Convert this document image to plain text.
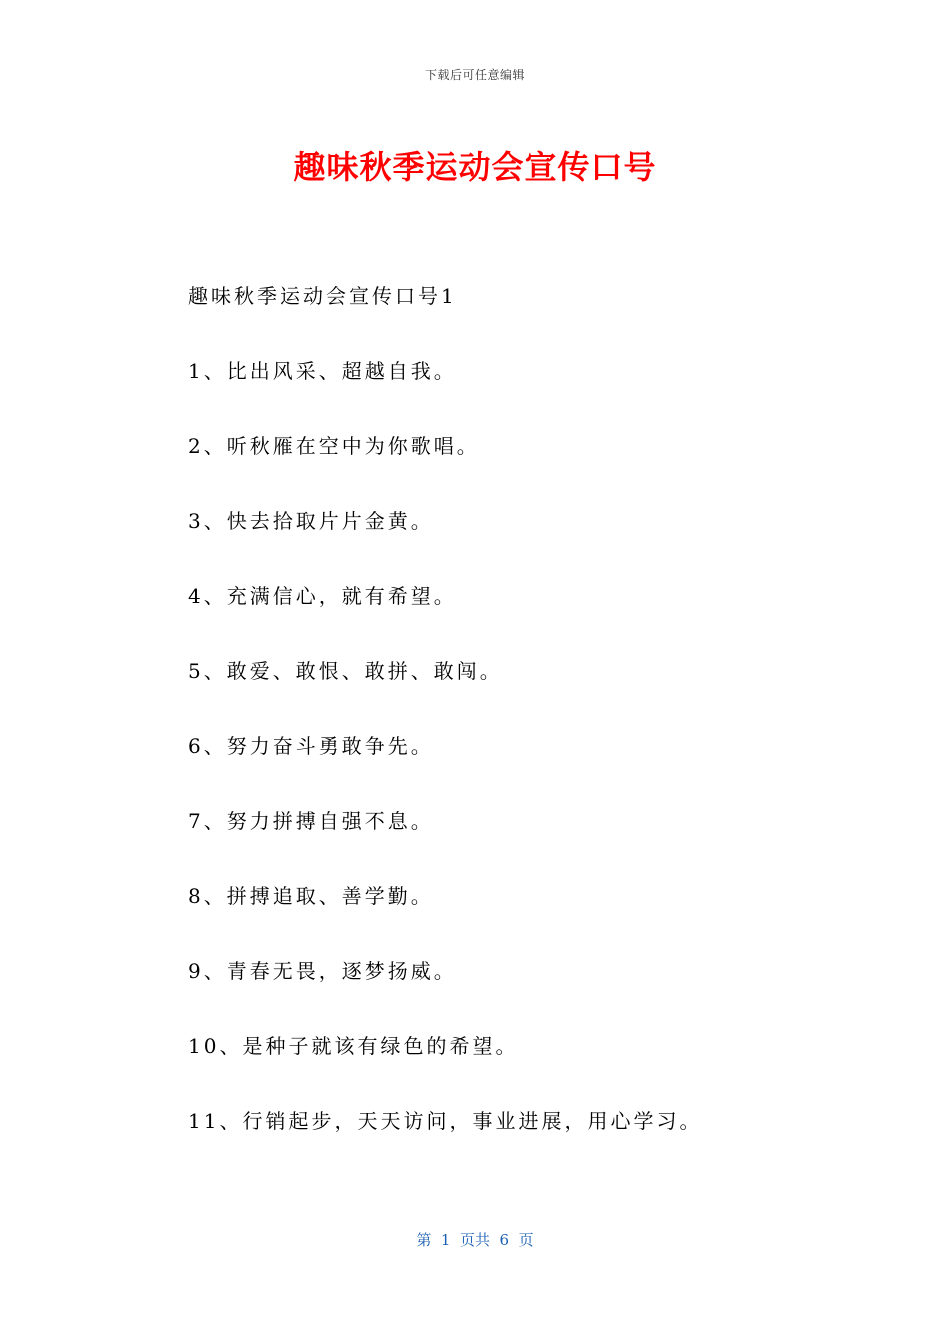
下载后可任意编辑
趣味秋季运动会宣传口号
趣味秋季运动会宣传口号1
1、比出风采、超越自我。
2、听秋雁在空中为你歌唱。
3、快去拾取片片金黄。
4、充满信心，就有希望。
5、敢爱、敢恨、敢拼、敢闯。
6、努力奋斗勇敢争先。
7、努力拼搏自强不息。
8、拼搏追取、善学勤。
9、青春无畏，逐梦扬威。
10、是种子就该有绿色的希望。
11、行销起步，天天访问，事业进展，用心学习。
第  1  页共  6  页
